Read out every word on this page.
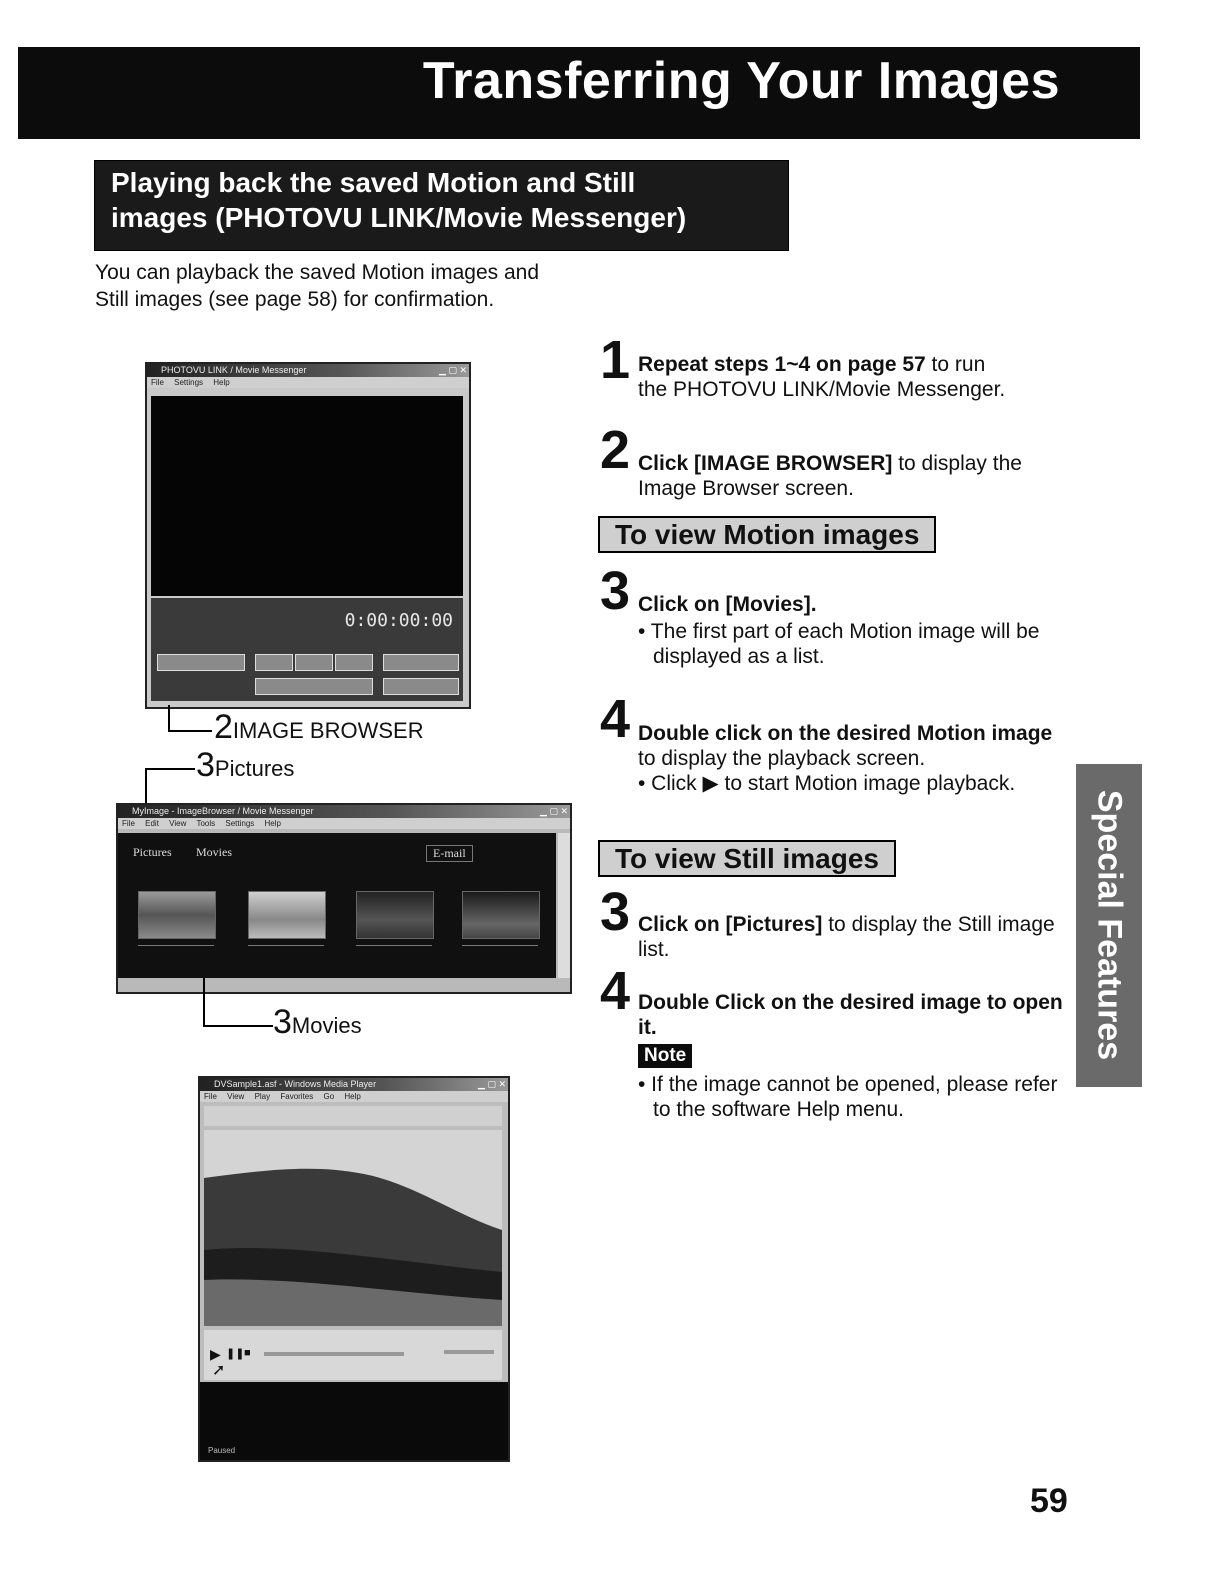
Transferring Your Images
Playing back the saved Motion and Still
images (PHOTOVU LINK/Movie Messenger)
You can playback the saved Motion images and Still images (see page 58) for confirmation.
PHOTOVU LINK / Movie Messenger	▁ ▢ ✕
File Settings Help
0:00:00:00
2IMAGE BROWSER
3Pictures
MyImage - ImageBrowser / Movie Messenger	▁ ▢ ✕
File Edit View Tools Settings Help
Pictures Movies	E-mail
3Movies
DVSample1.asf - Windows Media Player	▁ ▢ ✕
File View Play Favorites Go Help
▶ ❚❚ ■
➚
Paused
1 Repeat steps 1~4 on page 57 to run the PHOTOVU LINK/Movie Messenger.
2 Click [IMAGE BROWSER] to display the Image Browser screen.
To view Motion images
3 Click on [Movies].
• The first part of each Motion image will be displayed as a list.
4 Double click on the desired Motion image to display the playback screen.
• Click ▶ to start Motion image playback.
To view Still images
3 Click on [Pictures] to display the Still image list.
4 Double Click on the desired image to open it.
Note
• If the image cannot be opened, please refer to the software Help menu.
Special Features
59
